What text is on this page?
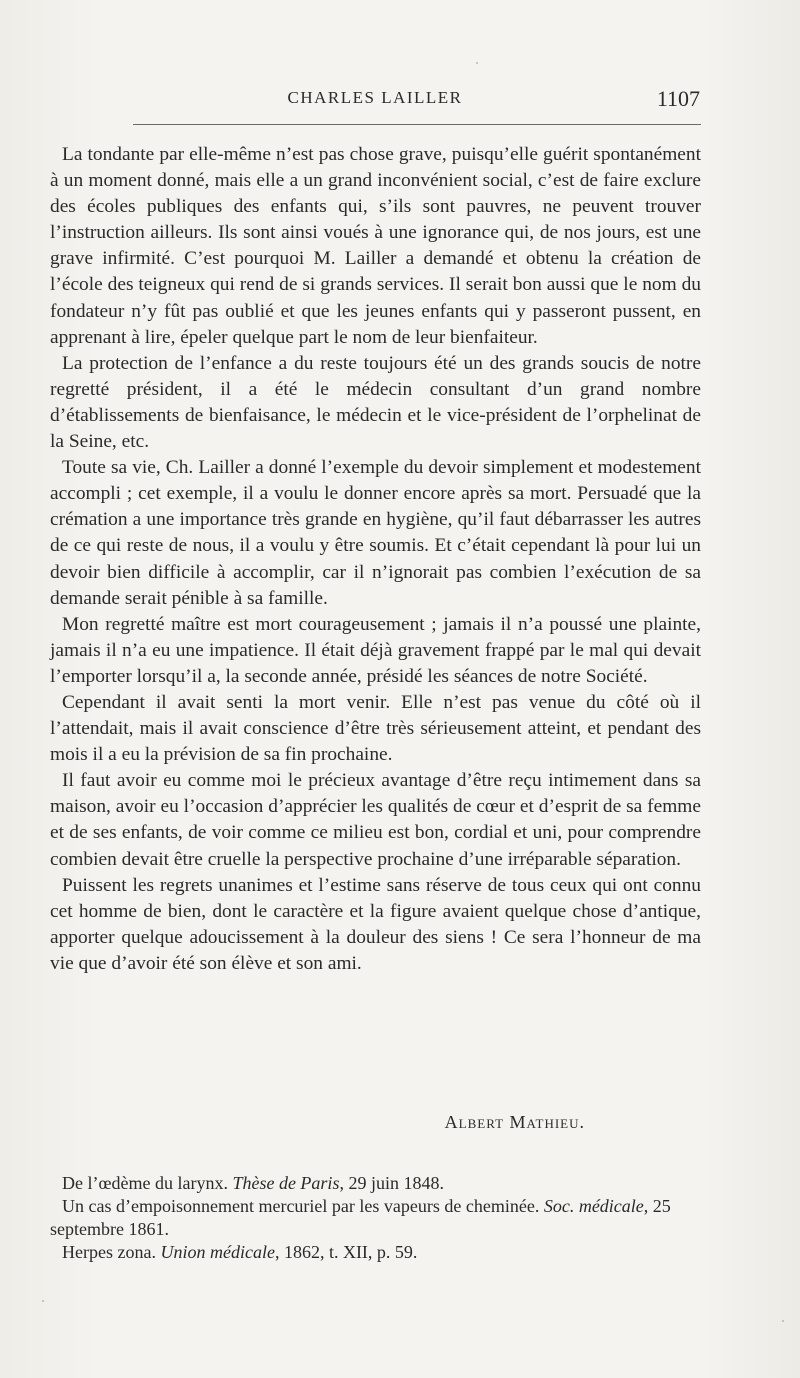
CHARLES LAILLER	1107

La tondante par elle-même n’est pas chose grave, puisqu’elle guérit spontanément à un moment donné, mais elle a un grand inconvénient social, c’est de faire exclure des écoles publiques des enfants qui, s’ils sont pauvres, ne peuvent trouver l’instruction ailleurs. Ils sont ainsi voués à une ignorance qui, de nos jours, est une grave infirmité. C’est pourquoi M. Lailler a demandé et obtenu la création de l’école des teigneux qui rend de si grands services. Il serait bon aussi que le nom du fondateur n’y fût pas oublié et que les jeunes enfants qui y passeront pussent, en apprenant à lire, épeler quelque part le nom de leur bienfaiteur.

La protection de l’enfance a du reste toujours été un des grands soucis de notre regretté président, il a été le médecin consultant d’un grand nombre d’établissements de bienfaisance, le médecin et le vice-président de l’orphelinat de la Seine, etc.

Toute sa vie, Ch. Lailler a donné l’exemple du devoir simplement et modestement accompli ; cet exemple, il a voulu le donner encore après sa mort. Persuadé que la crémation a une importance très grande en hygiène, qu’il faut débarrasser les autres de ce qui reste de nous, il a voulu y être soumis. Et c’était cependant là pour lui un devoir bien difficile à accomplir, car il n’ignorait pas combien l’exécution de sa demande serait pénible à sa famille.

Mon regretté maître est mort courageusement ; jamais il n’a poussé une plainte, jamais il n’a eu une impatience. Il était déjà gravement frappé par le mal qui devait l’emporter lorsqu’il a, la seconde année, présidé les séances de notre Société.

Cependant il avait senti la mort venir. Elle n’est pas venue du côté où il l’attendait, mais il avait conscience d’être très sérieusement atteint, et pendant des mois il a eu la prévision de sa fin prochaine.

Il faut avoir eu comme moi le précieux avantage d’être reçu intimement dans sa maison, avoir eu l’occasion d’apprécier les qualités de cœur et d’esprit de sa femme et de ses enfants, de voir comme ce milieu est bon, cordial et uni, pour comprendre combien devait être cruelle la perspective prochaine d’une irréparable séparation.

Puissent les regrets unanimes et l’estime sans réserve de tous ceux qui ont connu cet homme de bien, dont le caractère et la figure avaient quelque chose d’antique, apporter quelque adoucissement à la douleur des siens ! Ce sera l’honneur de ma vie que d’avoir été son élève et son ami.

Albert Mathieu.

De l’œdème du larynx. Thèse de Paris, 29 juin 1848.

Un cas d’empoisonnement mercuriel par les vapeurs de cheminée. Soc. médicale, 25 septembre 1861.

Herpes zona. Union médicale, 1862, t. XII, p. 59.
